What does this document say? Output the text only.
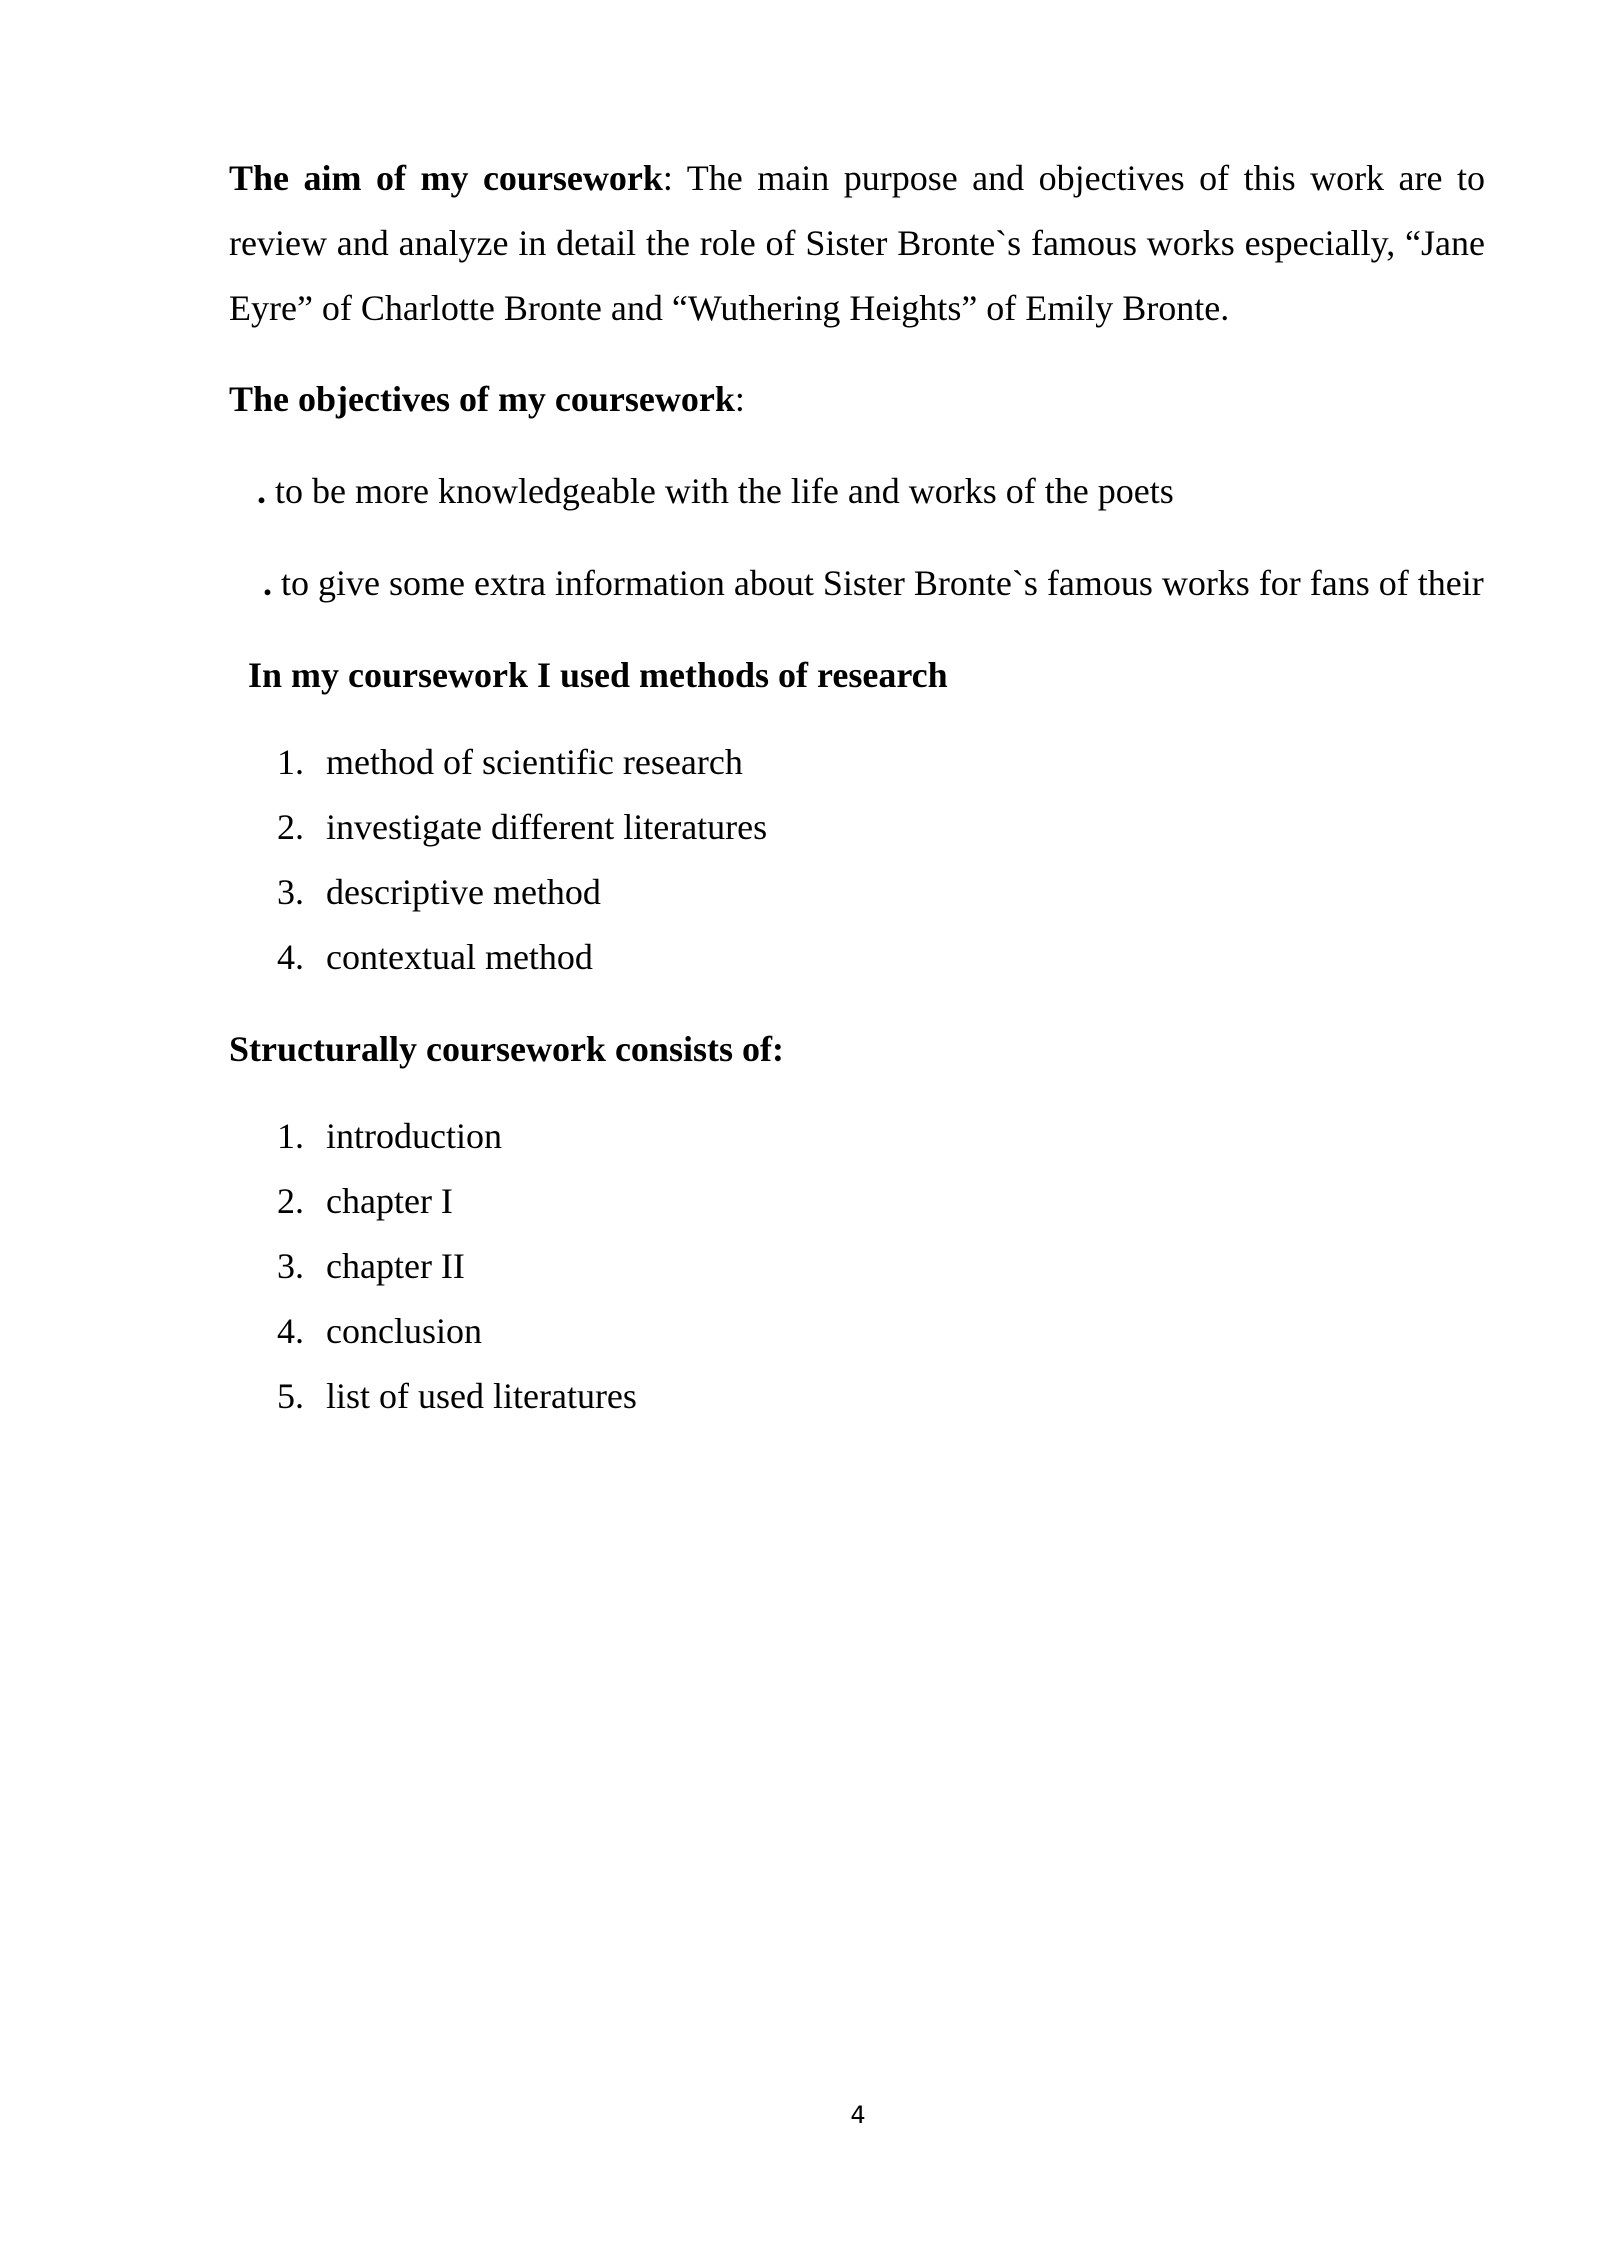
The aim of my coursework: The main purpose and objectives of this work are to review and analyze in detail the role of Sister Bronte`s famous works especially, “Jane Eyre” of Charlotte Bronte and “Wuthering Heights” of Emily Bronte.

The objectives of my coursework:

. to be more knowledgeable with the life and works of the poets

. to give some extra information about Sister Bronte`s famous works for fans of their

In my coursework I used methods of research

1. method of scientific research
2. investigate different literatures
3. descriptive method
4. contextual method

Structurally coursework consists of:

1. introduction
2. chapter I
3. chapter II
4. conclusion
5. list of used literatures
4
